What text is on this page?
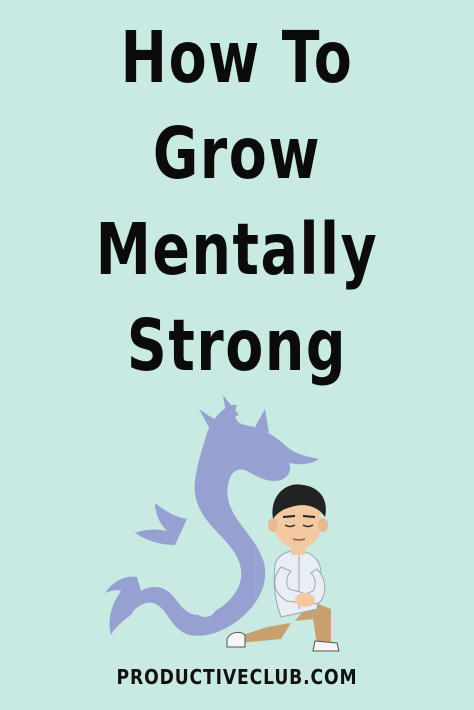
How To
Grow
Mentally
Strong
PRODUCTIVECLUB.COM
